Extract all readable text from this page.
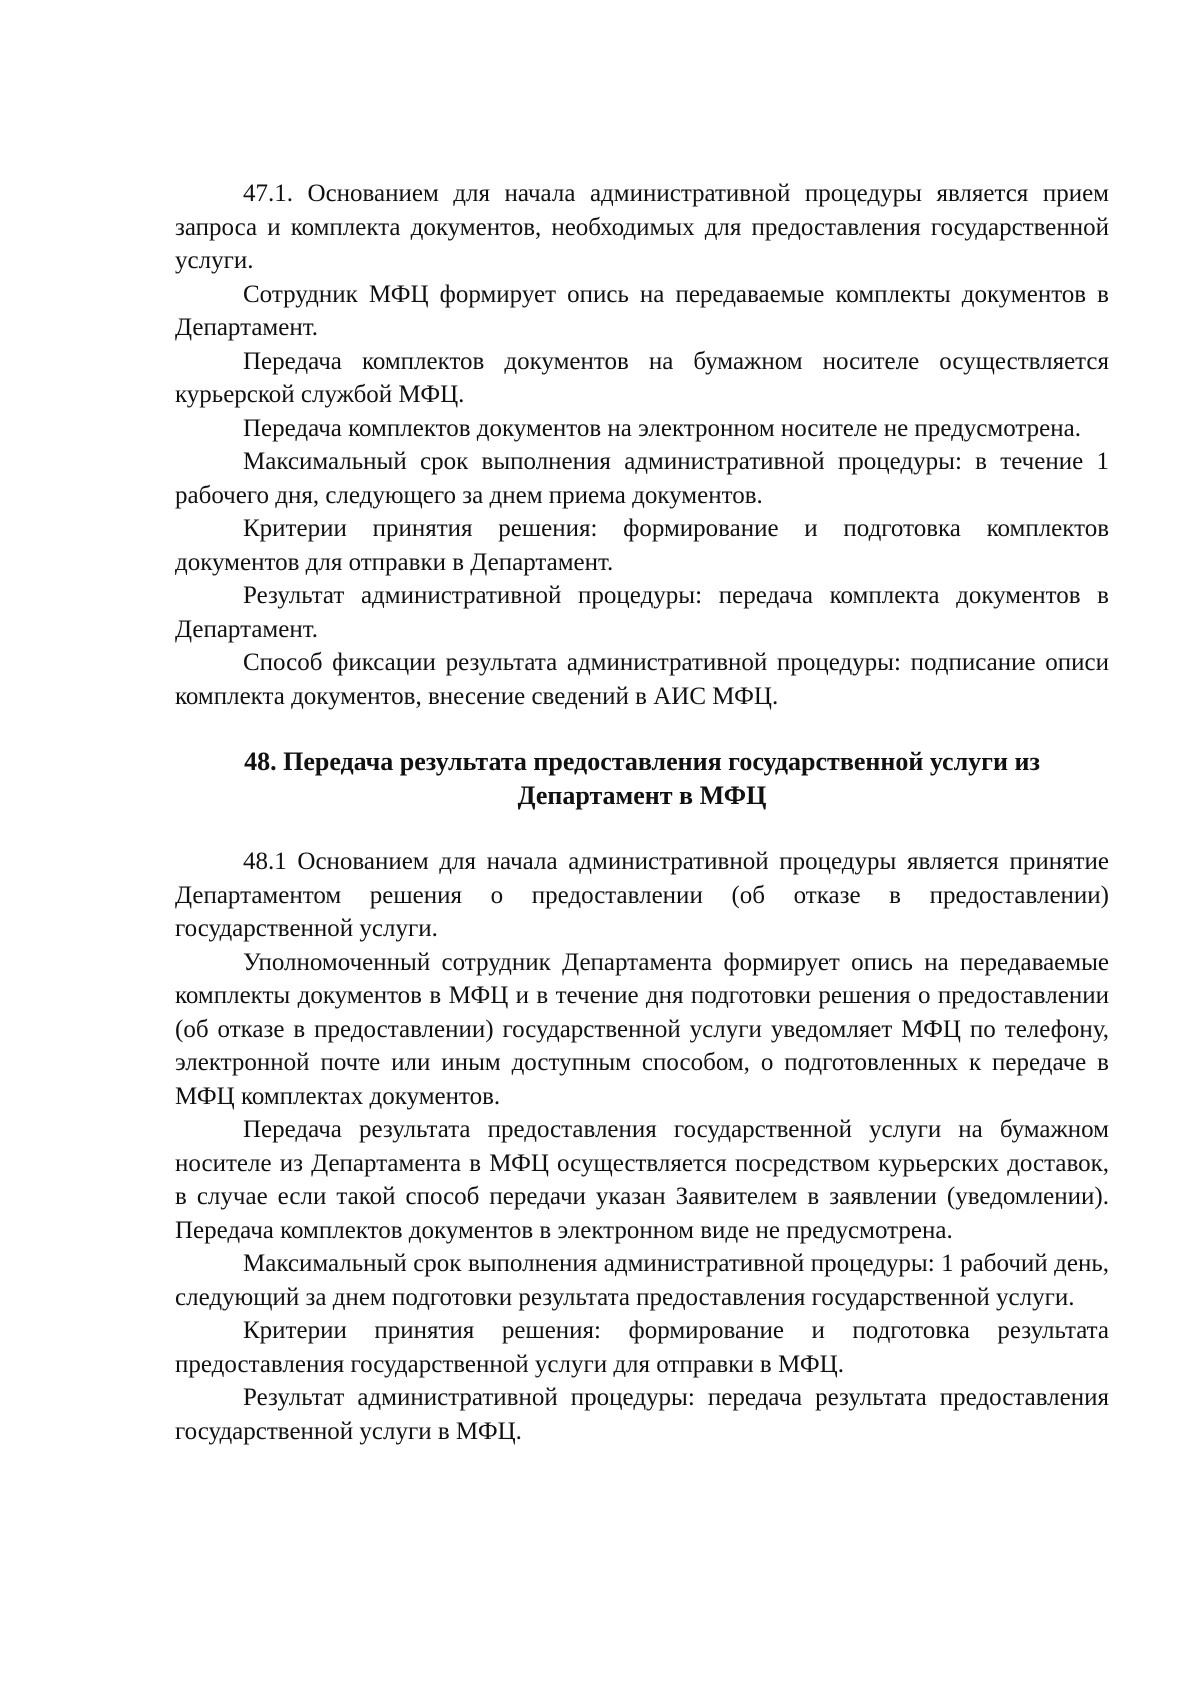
47.1. Основанием для начала административной процедуры является прием запроса и комплекта документов, необходимых для предоставления государственной услуги.

Сотрудник МФЦ формирует опись на передаваемые комплекты документов в Департамент.

Передача комплектов документов на бумажном носителе осуществляется курьерской службой МФЦ.

Передача комплектов документов на электронном носителе не предусмотрена.

Максимальный срок выполнения административной процедуры: в течение 1 рабочего дня, следующего за днем приема документов.

Критерии принятия решения: формирование и подготовка комплектов документов для отправки в Департамент.

Результат административной процедуры: передача комплекта документов в Департамент.

Способ фиксации результата административной процедуры: подписание описи комплекта документов, внесение сведений в АИС МФЦ.

48. Передача результата предоставления государственной услуги из
Департамент в МФЦ

48.1 Основанием для начала административной процедуры является принятие Департаментом решения о предоставлении (об отказе в предоставлении) государственной услуги.

Уполномоченный сотрудник Департамента формирует опись на передаваемые комплекты документов в МФЦ и в течение дня подготовки решения о предоставлении (об отказе в предоставлении) государственной услуги уведомляет МФЦ по телефону, электронной почте или иным доступным способом, о подготовленных к передаче в МФЦ комплектах документов.

Передача результата предоставления государственной услуги на бумажном носителе из Департамента в МФЦ осуществляется посредством курьерских доставок, в случае если такой способ передачи указан Заявителем в заявлении (уведомлении). Передача комплектов документов в электронном виде не предусмотрена.

Максимальный срок выполнения административной процедуры: 1 рабочий день, следующий за днем подготовки результата предоставления государственной услуги.

Критерии принятия решения: формирование и подготовка результата предоставления государственной услуги для отправки в МФЦ.

Результат административной процедуры: передача результата предоставления государственной услуги в МФЦ.
